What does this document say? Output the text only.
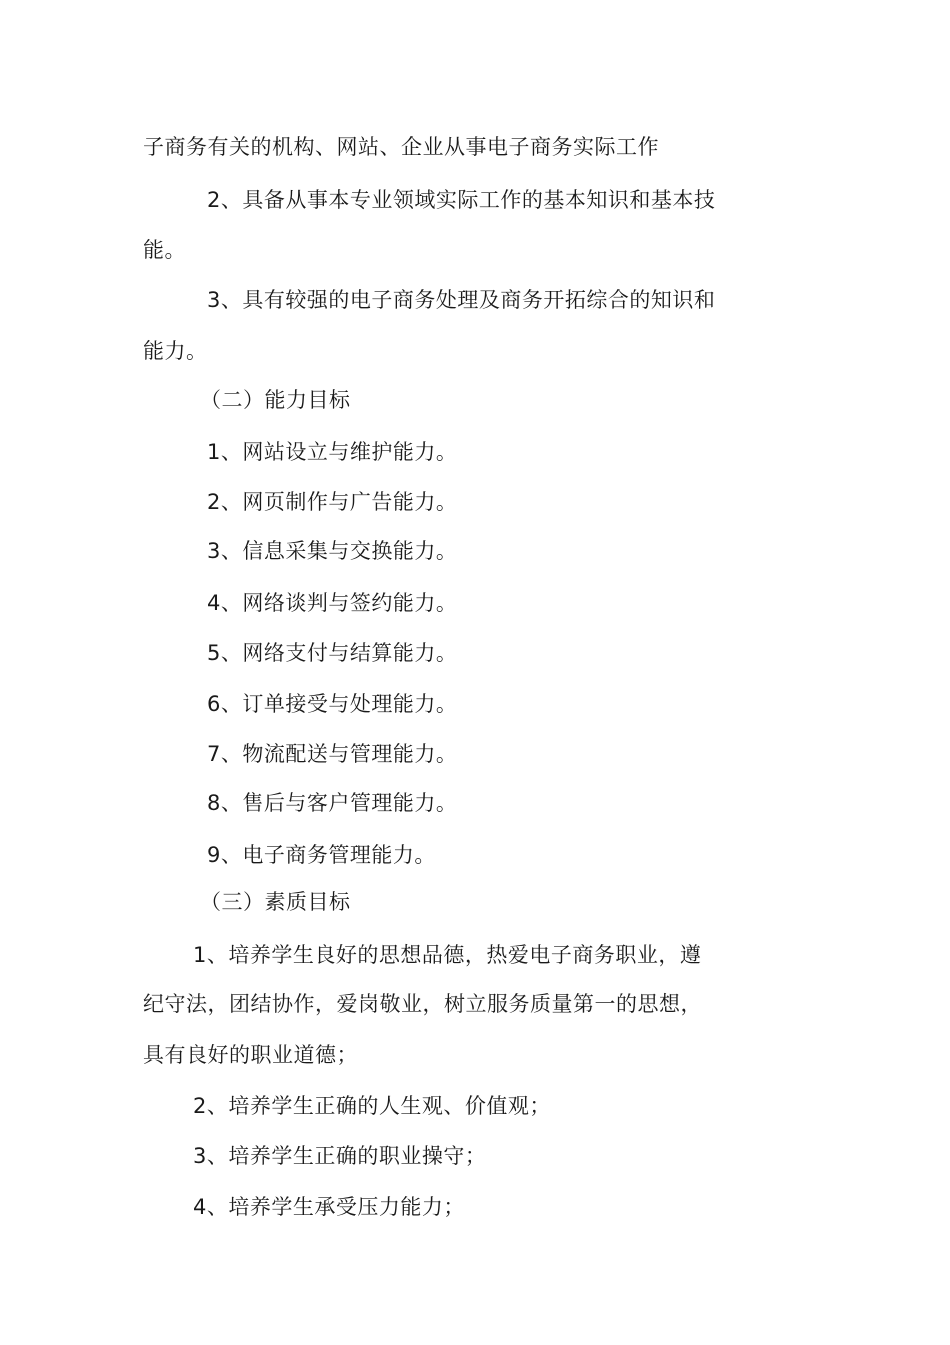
子商务有关的机构、网站、企业从事电子商务实际工作
2、具备从事本专业领域实际工作的基本知识和基本技
能。
3、具有较强的电子商务处理及商务开拓综合的知识和
能力。
（二）能力目标
1、网站设立与维护能力。
2、网页制作与广告能力。
3、信息采集与交换能力。
4、网络谈判与签约能力。
5、网络支付与结算能力。
6、订单接受与处理能力。
7、物流配送与管理能力。
8、售后与客户管理能力。
9、电子商务管理能力。
（三）素质目标
1、培养学生良好的思想品德，热爱电子商务职业，遵
纪守法，团结协作，爱岗敬业，树立服务质量第一的思想，
具有良好的职业道德；
2、培养学生正确的人生观、价值观；
3、培养学生正确的职业操守；
4、培养学生承受压力能力；
